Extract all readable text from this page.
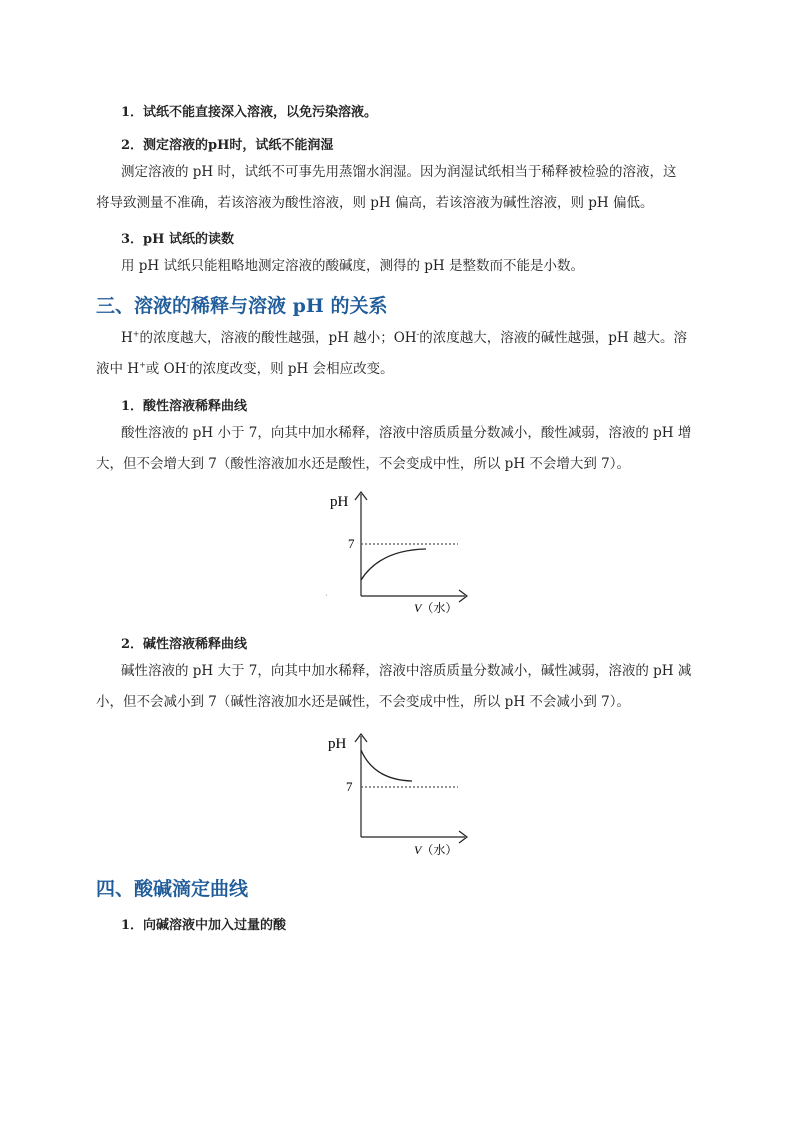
1．试纸不能直接深入溶液，以免污染溶液。
2．测定溶液的pH时，试纸不能润湿
测定溶液的 pH 时，试纸不可事先用蒸馏水润湿。因为润湿试纸相当于稀释被检验的溶液，这
将导致测量不准确，若该溶液为酸性溶液，则 pH 偏高，若该溶液为碱性溶液，则 pH 偏低。
3．pH 试纸的读数
用 pH 试纸只能粗略地测定溶液的酸碱度，测得的 pH 是整数而不能是小数。
三、溶液的稀释与溶液 pH 的关系
H+的浓度越大，溶液的酸性越强，pH 越小；OH-的浓度越大，溶液的碱性越强，pH 越大。溶
液中 H+或 OH-的浓度改变，则 pH 会相应改变。
1．酸性溶液稀释曲线
酸性溶液的 pH 小于 7，向其中加水稀释，溶液中溶质质量分数减小，酸性减弱，溶液的 pH 增
大，但不会增大到 7（酸性溶液加水还是酸性，不会变成中性，所以 pH 不会增大到 7）。
pH
7
·
V（水）
2．碱性溶液稀释曲线
碱性溶液的 pH 大于 7，向其中加水稀释，溶液中溶质质量分数减小，碱性减弱，溶液的 pH 减
小，但不会减小到 7（碱性溶液加水还是碱性，不会变成中性，所以 pH 不会减小到 7）。
pH
7
V（水）
四、酸碱滴定曲线
1．向碱溶液中加入过量的酸
